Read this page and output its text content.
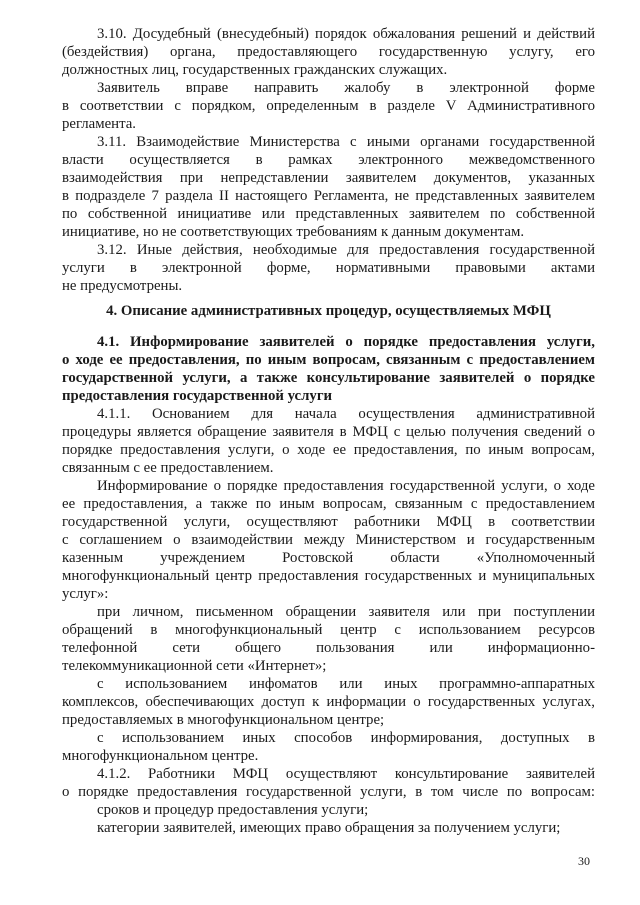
3.10. Досудебный (внесудебный) порядок обжалования решений и действий
(бездействия) органа, предоставляющего государственную услугу, его
должностных лиц, государственных гражданских служащих.
Заявитель вправе направить жалобу в электронной форме
в соответствии с порядком, определенным в разделе V Административного
регламента.
3.11. Взаимодействие Министерства с иными органами государственной
власти осуществляется в рамках электронного межведомственного
взаимодействия при непредставлении заявителем документов, указанных
в подразделе 7 раздела II настоящего Регламента, не представленных заявителем
по собственной инициативе или представленных заявителем по собственной
инициативе, но не соответствующих требованиям к данным документам.
3.12. Иные действия, необходимые для предоставления государственной
услуги в электронной форме, нормативными правовыми актами
не предусмотрены.
4. Описание административных процедур, осуществляемых МФЦ
4.1. Информирование заявителей о порядке предоставления услуги,
о ходе ее предоставления, по иным вопросам, связанным с предоставлением
государственной услуги, а также консультирование заявителей о порядке
предоставления государственной услуги
4.1.1. Основанием для начала осуществления административной
процедуры является обращение заявителя в МФЦ с целью получения сведений о
порядке предоставления услуги, о ходе ее предоставления, по иным вопросам,
связанным с ее предоставлением.
Информирование о порядке предоставления государственной услуги, о ходе
ее предоставления, а также по иным вопросам, связанным с предоставлением
государственной услуги, осуществляют работники МФЦ в соответствии
с соглашением о взаимодействии между Министерством и государственным
казенным учреждением Ростовской области «Уполномоченный
многофункциональный центр предоставления государственных и муниципальных
услуг»:
при личном, письменном обращении заявителя или при поступлении
обращений в многофункциональный центр с использованием ресурсов
телефонной сети общего пользования или информационно-
телекоммуникационной сети «Интернет»;
с использованием инфоматов или иных программно-аппаратных
комплексов, обеспечивающих доступ к информации о государственных услугах,
предоставляемых в многофункциональном центре;
с использованием иных способов информирования, доступных в
многофункциональном центре.
4.1.2. Работники МФЦ осуществляют консультирование заявителей
о порядке предоставления государственной услуги, в том числе по вопросам:
сроков и процедур предоставления услуги;
категории заявителей, имеющих право обращения за получением услуги;
30
